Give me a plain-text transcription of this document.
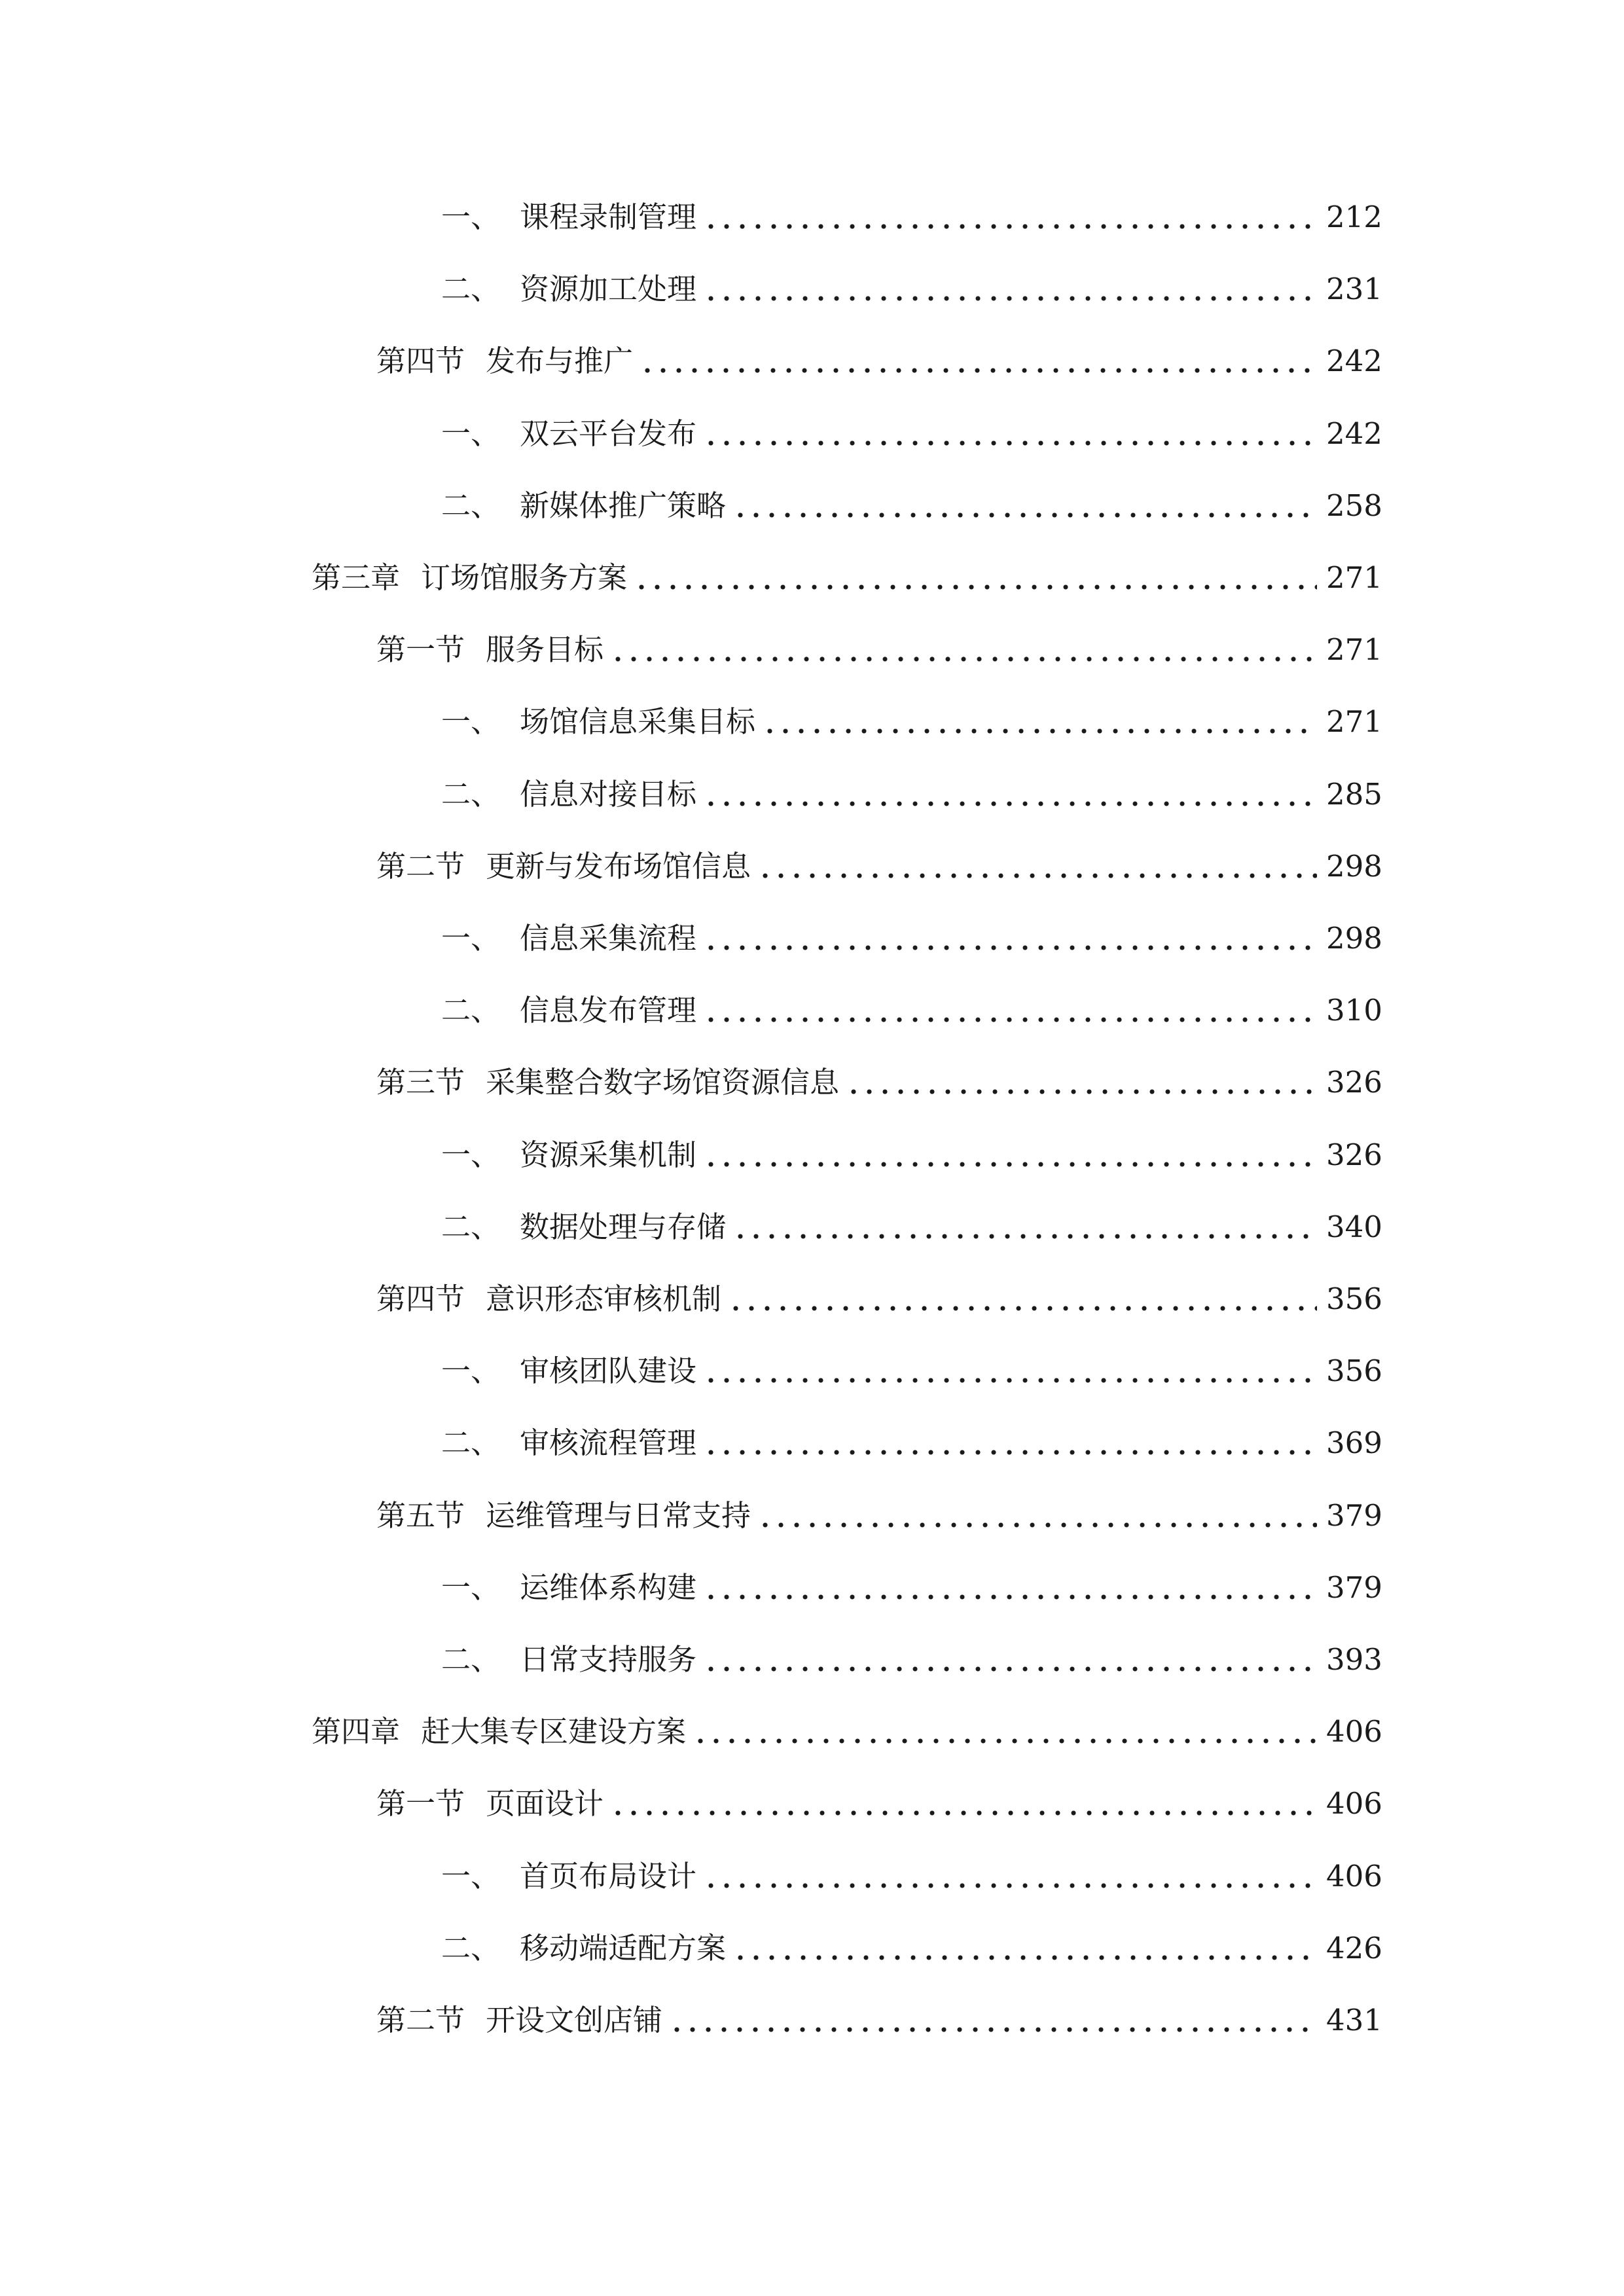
一、 课程录制管理	212
二、 资源加工处理	231
第四节 发布与推广	242
一、 双云平台发布	242
二、 新媒体推广策略	258
第三章 订场馆服务方案	271
第一节 服务目标	271
一、 场馆信息采集目标	271
二、 信息对接目标	285
第二节 更新与发布场馆信息	298
一、 信息采集流程	298
二、 信息发布管理	310
第三节 采集整合数字场馆资源信息	326
一、 资源采集机制	326
二、 数据处理与存储	340
第四节 意识形态审核机制	356
一、 审核团队建设	356
二、 审核流程管理	369
第五节 运维管理与日常支持	379
一、 运维体系构建	379
二、 日常支持服务	393
第四章 赶大集专区建设方案	406
第一节 页面设计	406
一、 首页布局设计	406
二、 移动端适配方案	426
第二节 开设文创店铺	431
